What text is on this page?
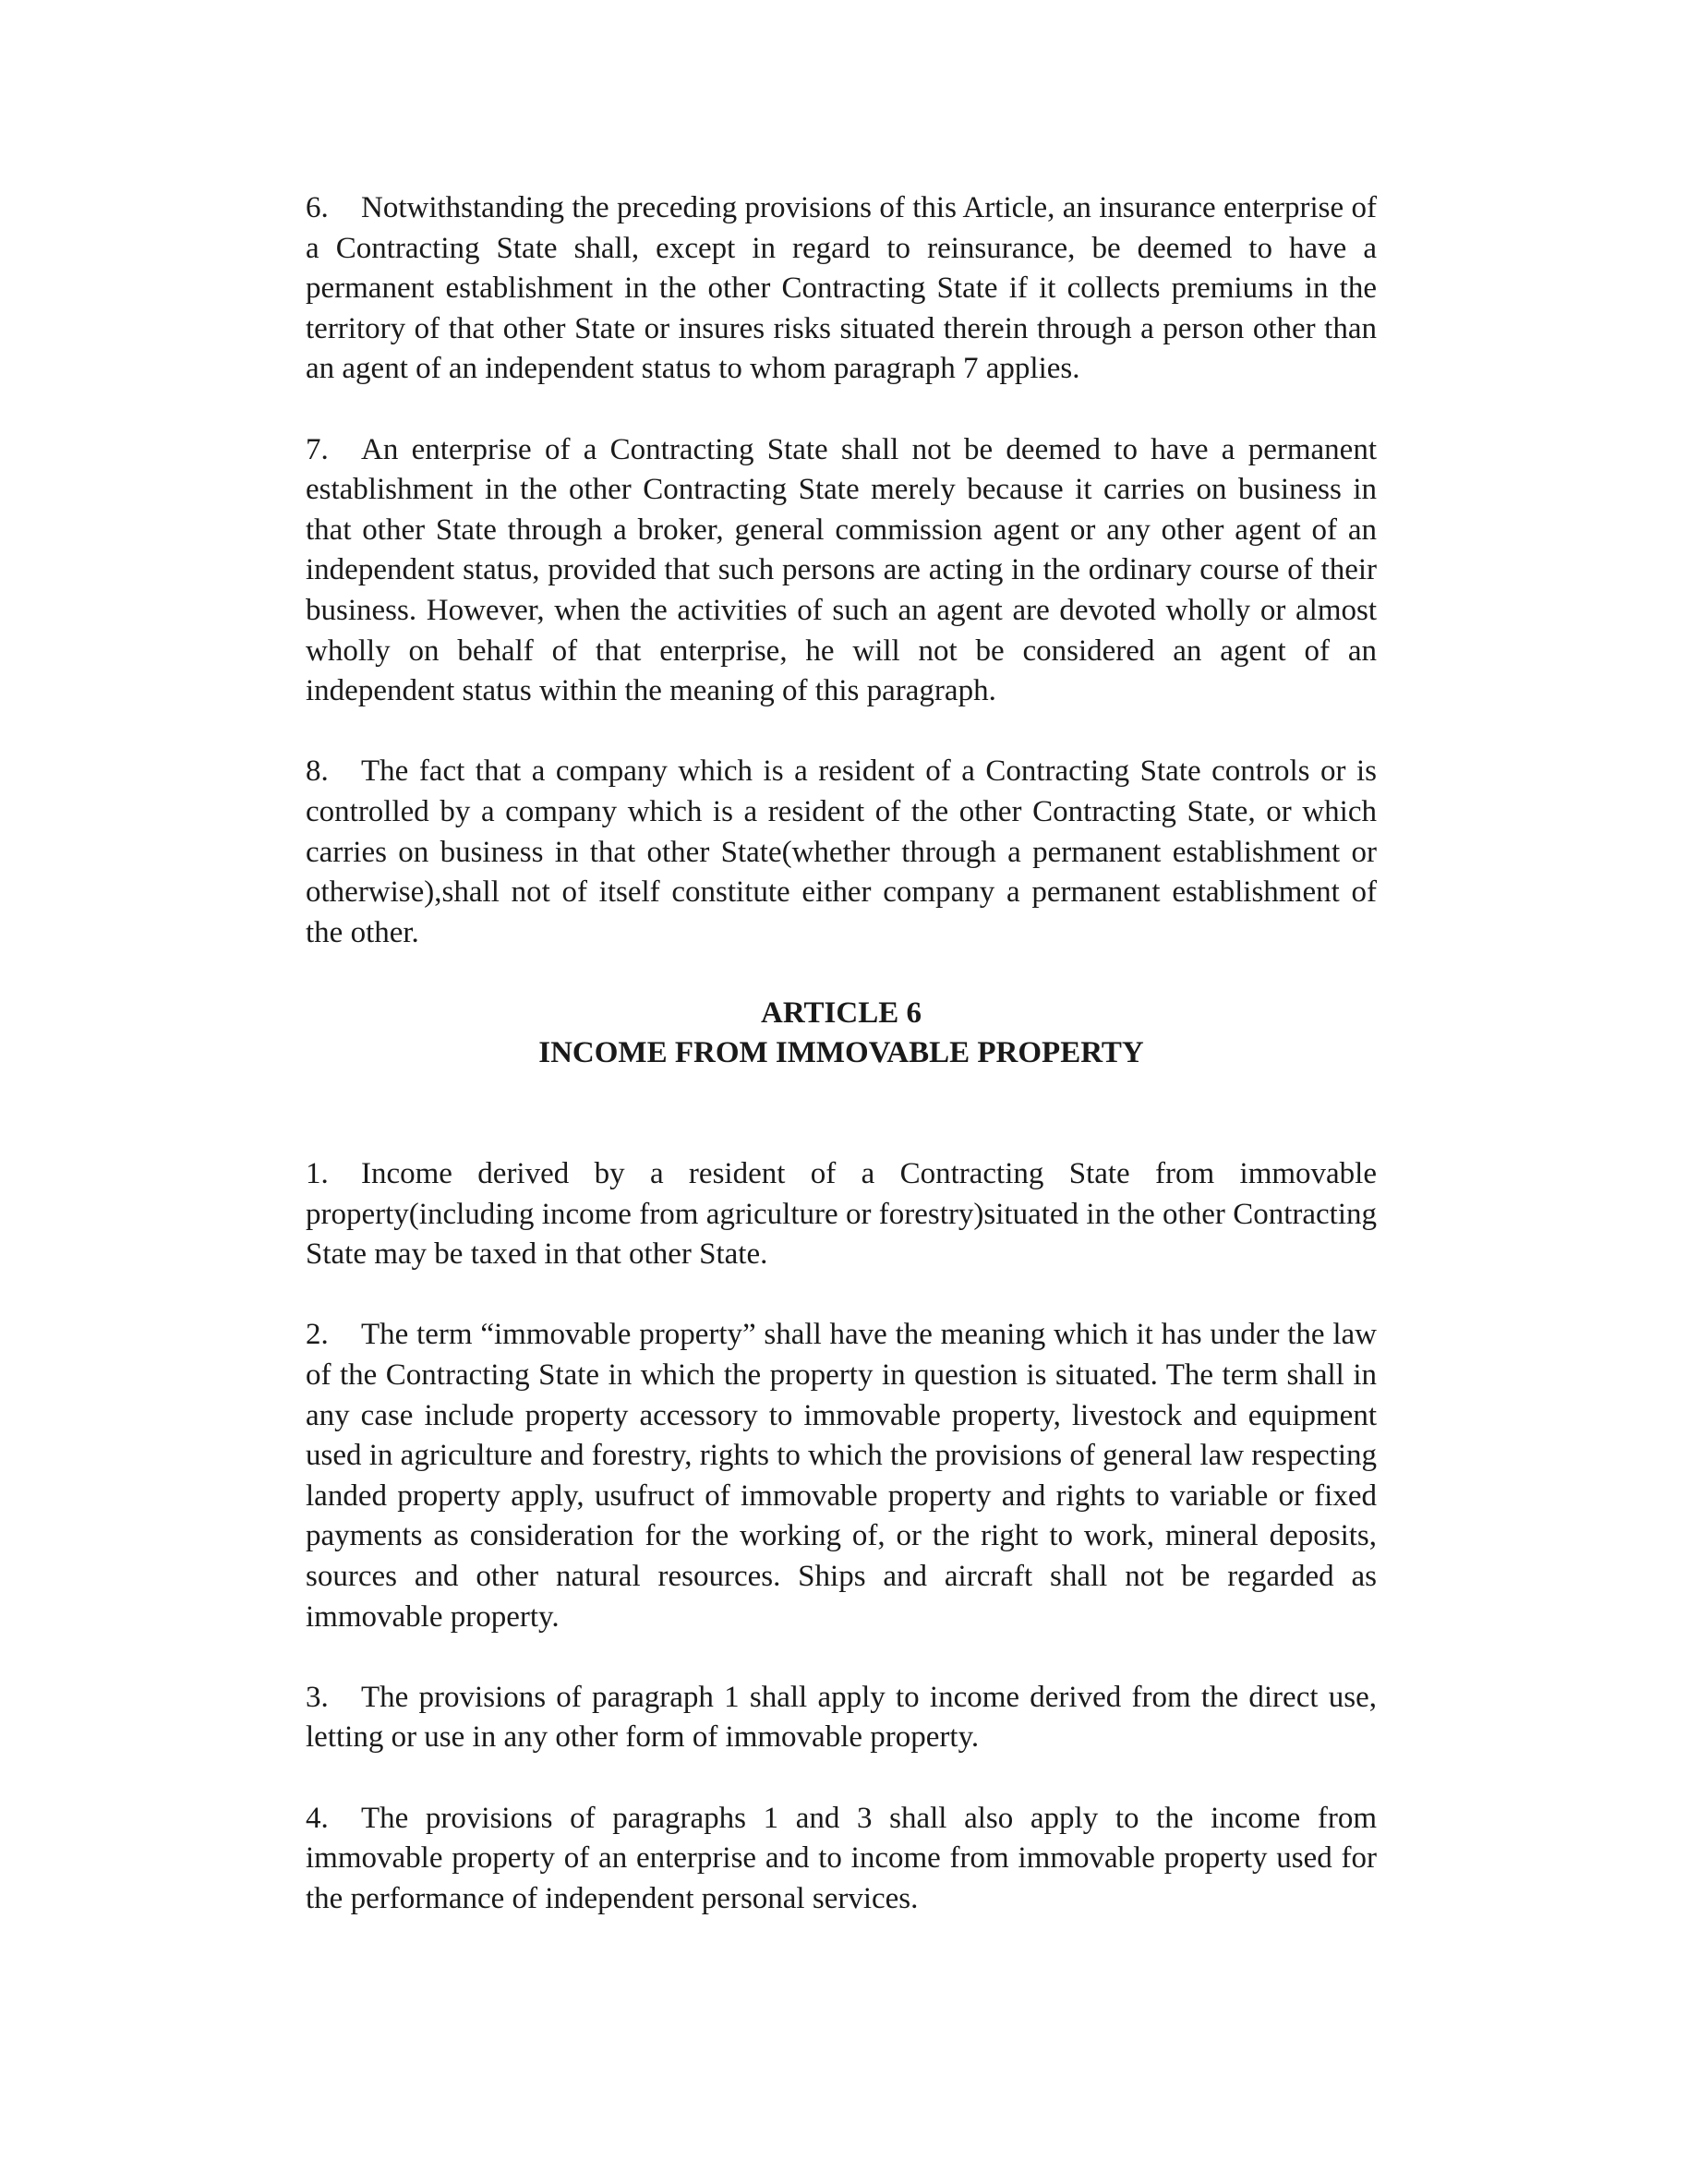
6. Notwithstanding the preceding provisions of this Article, an insurance enterprise of a Contracting State shall, except in regard to reinsurance, be deemed to have a permanent establishment in the other Contracting State if it collects premiums in the territory of that other State or insures risks situated therein through a person other than an agent of an independent status to whom paragraph 7 applies.

7. An enterprise of a Contracting State shall not be deemed to have a permanent establishment in the other Contracting State merely because it carries on business in that other State through a broker, general commission agent or any other agent of an independent status, provided that such persons are acting in the ordinary course of their business. However, when the activities of such an agent are devoted wholly or almost wholly on behalf of that enterprise, he will not be considered an agent of an independent status within the meaning of this paragraph.

8. The fact that a company which is a resident of a Contracting State controls or is controlled by a company which is a resident of the other Contracting State, or which carries on business in that other State(whether through a permanent establishment or otherwise),shall not of itself constitute either company a permanent establishment of the other.

ARTICLE 6

INCOME FROM IMMOVABLE PROPERTY

1. Income derived by a resident of a Contracting State from immovable property(including income from agriculture or forestry)situated in the other Contracting State may be taxed in that other State.

2. The term “immovable property” shall have the meaning which it has under the law of the Contracting State in which the property in question is situated. The term shall in any case include property accessory to immovable property, livestock and equipment used in agriculture and forestry, rights to which the provisions of general law respecting landed property apply, usufruct of immovable property and rights to variable or fixed payments as consideration for the working of, or the right to work, mineral deposits, sources and other natural resources. Ships and aircraft shall not be regarded as immovable property.

3. The provisions of paragraph 1 shall apply to income derived from the direct use, letting or use in any other form of immovable property.

4. The provisions of paragraphs 1 and 3 shall also apply to the income from immovable property of an enterprise and to income from immovable property used for the performance of independent personal services.
